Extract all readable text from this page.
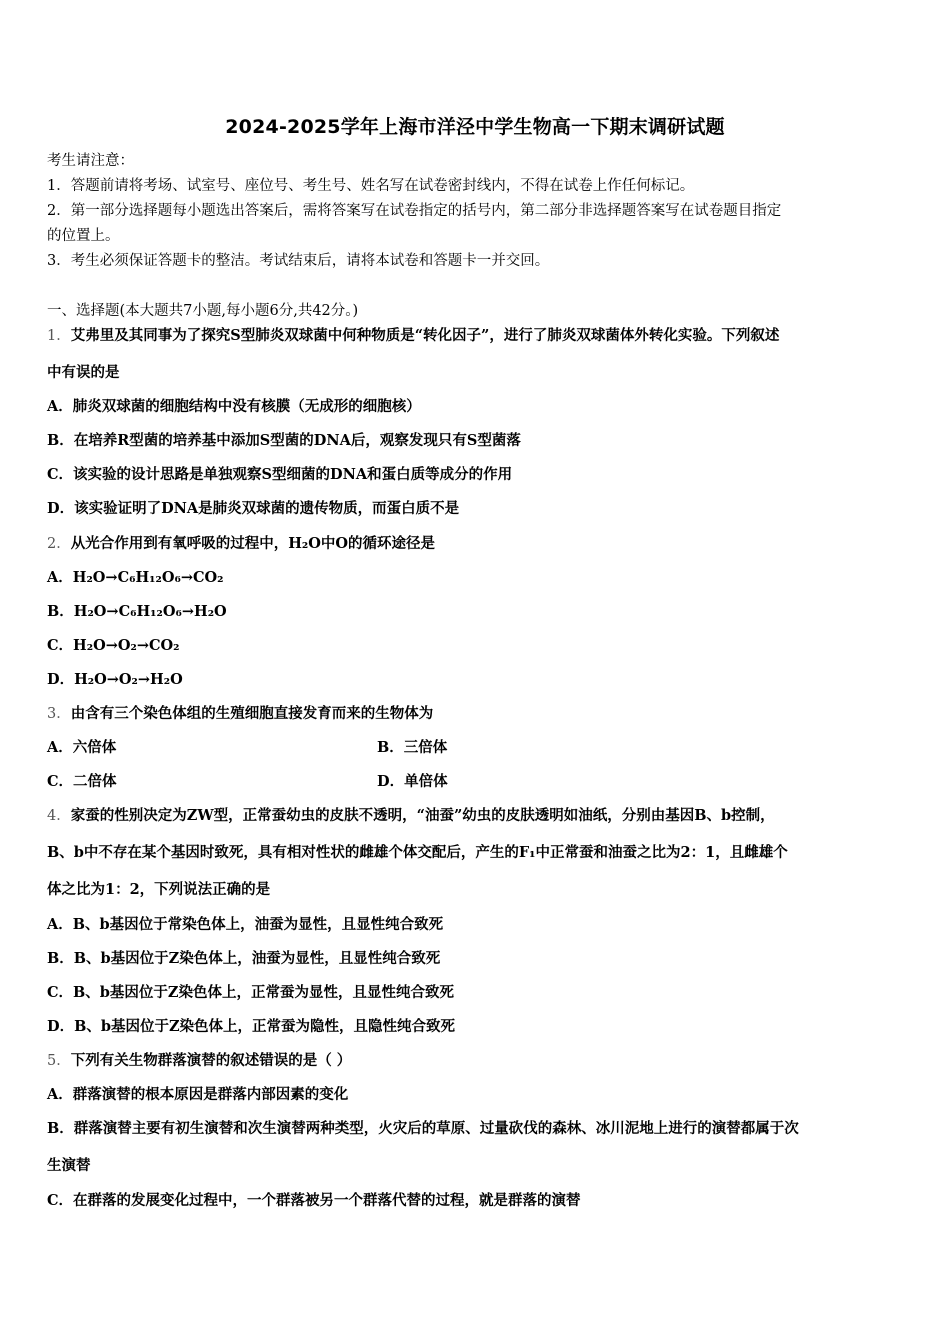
2024-2025学年上海市洋泾中学生物高一下期末调研试题
考生请注意：
1．答题前请将考场、试室号、座位号、考生号、姓名写在试卷密封线内，不得在试卷上作任何标记。
2．第一部分选择题每小题选出答案后，需将答案写在试卷指定的括号内，第二部分非选择题答案写在试卷题目指定
的位置上。
3．考生必须保证答题卡的整洁。考试结束后，请将本试卷和答题卡一并交回。
一、选择题(本大题共7小题,每小题6分,共42分。)
1．艾弗里及其同事为了探究S型肺炎双球菌中何种物质是“转化因子”，进行了肺炎双球菌体外转化实验。下列叙述
中有误的是
A．肺炎双球菌的细胞结构中没有核膜（无成形的细胞核）
B．在培养R型菌的培养基中添加S型菌的DNA后，观察发现只有S型菌落
C．该实验的设计思路是单独观察S型细菌的DNA和蛋白质等成分的作用
D．该实验证明了DNA是肺炎双球菌的遗传物质，而蛋白质不是
2．从光合作用到有氧呼吸的过程中，H₂O中O的循环途径是
A．H₂O→C₆H₁₂O₆→CO₂
B．H₂O→C₆H₁₂O₆→H₂O
C．H₂O→O₂→CO₂
D．H₂O→O₂→H₂O
3．由含有三个染色体组的生殖细胞直接发育而来的生物体为
A．六倍体	B．三倍体
C．二倍体	D．单倍体
4．家蚕的性别决定为ZW型，正常蚕幼虫的皮肤不透明，“油蚕”幼虫的皮肤透明如油纸，分别由基因B、b控制，
B、b中不存在某个基因时致死，具有相对性状的雌雄个体交配后，产生的F₁中正常蚕和油蚕之比为2：1，且雌雄个
体之比为1：2，下列说法正确的是
A．B、b基因位于常染色体上，油蚕为显性，且显性纯合致死
B．B、b基因位于Z染色体上，油蚕为显性，且显性纯合致死
C．B、b基因位于Z染色体上，正常蚕为显性，且显性纯合致死
D．B、b基因位于Z染色体上，正常蚕为隐性，且隐性纯合致死
5．下列有关生物群落演替的叙述错误的是（ ）
A．群落演替的根本原因是群落内部因素的变化
B．群落演替主要有初生演替和次生演替两种类型，火灾后的草原、过量砍伐的森林、冰川泥地上进行的演替都属于次
生演替
C．在群落的发展变化过程中，一个群落被另一个群落代替的过程，就是群落的演替
